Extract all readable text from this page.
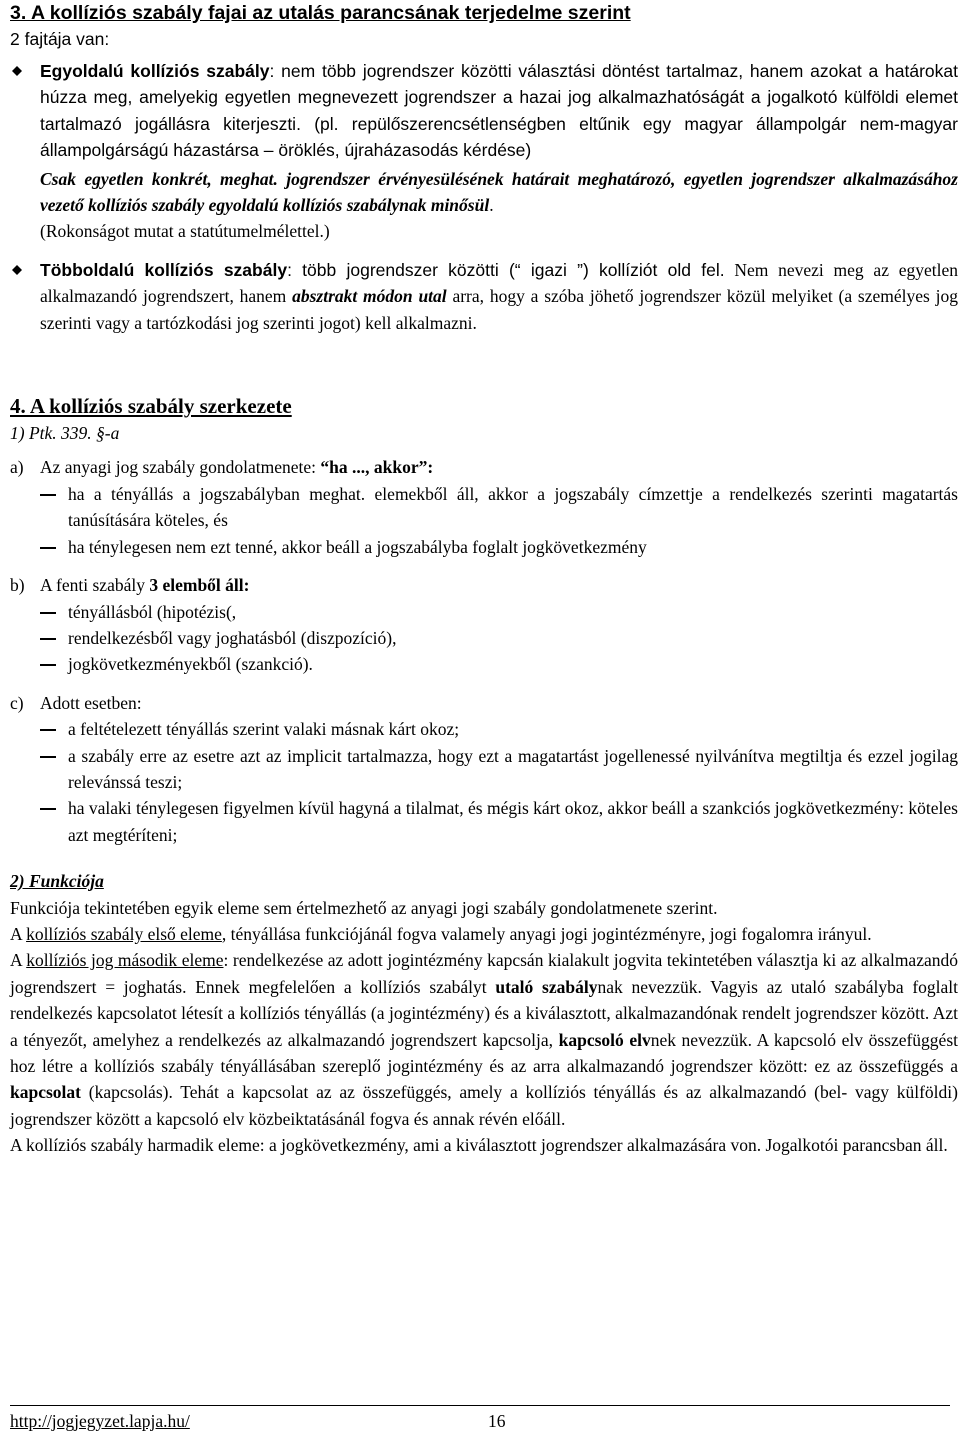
3. A kollíziós szabály fajai az utalás parancsának terjedelme szerint

2 fajtája van:

Egyoldalú kollíziós szabály: nem több jogrendszer közötti választási döntést tartalmaz, hanem azokat a határokat húzza meg, amelyekig egyetlen megnevezett jogrendszer a hazai jog alkalmazhatóságát a jogalkotó külföldi elemet tartalmazó jogállásra kiterjeszti. (pl. repülőszerencsétlenségben eltűnik egy magyar állampolgár nem-magyar állampolgárságú házastársa – öröklés, újraházasodás kérdése)
Csak egyetlen konkrét, meghat. jogrendszer érvényesülésének határait meghatározó, egyetlen jogrendszer alkalmazásához vezető kollíziós szabály egyoldalú kollíziós szabálynak minősül.
(Rokonságot mutat a statútumelmélettel.)
Többoldalú kollíziós szabály: több jogrendszer közötti (“ igazi ”) kollíziót old fel. Nem nevezi meg az egyetlen alkalmazandó jogrendszert, hanem absztrakt módon utal arra, hogy a szóba jöhető jogrendszer közül melyiket (a személyes jog szerinti vagy a tartózkodási jog szerinti jogot) kell alkalmazni.
4. A kollíziós szabály szerkezete

1) Ptk. 339. §-a

a) Az anyagi jog szabály gondolatmenete: “ha ..., akkor”:

ha a tényállás a jogszabályban meghat. elemekből áll, akkor a jogszabály címzettje a rendelkezés szerinti magatartás tanúsítására köteles, és

ha ténylegesen nem ezt tenné, akkor beáll a jogszabályba foglalt jogkövetkezmény

b) A fenti szabály 3 elemből áll:

tényállásból (hipotézis(,

rendelkezésből vagy joghatásból (diszpozíció),

jogkövetkezményekből (szankció).

c) Adott esetben:

a feltételezett tényállás szerint valaki másnak kárt okoz;

a szabály erre az esetre azt az implicit tartalmazza, hogy ezt a magatartást jogellenessé nyilvánítva megtiltja és ezzel jogilag relevánssá teszi;

ha valaki ténylegesen figyelmen kívül hagyná a tilalmat, és mégis kárt okoz, akkor beáll a szankciós jogkövetkezmény: köteles azt megtéríteni;

2) Funkciója

Funkciója tekintetében egyik eleme sem értelmezhető az anyagi jogi szabály gondolatmenete szerint.

A kollíziós szabály első eleme, tényállása funkciójánál fogva valamely anyagi jogi jogintézményre, jogi fogalomra irányul.

A kollíziós jog második eleme: rendelkezése az adott jogintézmény kapcsán kialakult jogvita tekintetében választja ki az alkalmazandó jogrendszert = joghatás. Ennek megfelelően a kollíziós szabályt utaló szabálynak nevezzük. Vagyis az utaló szabályba foglalt rendelkezés kapcsolatot létesít a kollíziós tényállás (a jogintézmény) és a kiválasztott, alkalmazandónak rendelt jogrendszer között. Azt a tényezőt, amelyhez a rendelkezés az alkalmazandó jogrendszert kapcsolja, kapcsoló elvnek nevezzük. A kapcsoló elv összefüggést hoz létre a kollíziós szabály tényállásában szereplő jogintézmény és az arra alkalmazandó jogrendszer között: ez az összefüggés a kapcsolat (kapcsolás). Tehát a kapcsolat az az összefüggés, amely a kollíziós tényállás és az alkalmazandó (bel- vagy külföldi) jogrendszer között a kapcsoló elv közbeiktatásánál fogva és annak révén előáll.

A kollíziós szabály harmadik eleme: a jogkövetkezmény, ami a kiválasztott jogrendszer alkalmazására von. Jogalkotói parancsban áll.

http://jogjegyzet.lapja.hu/	16
